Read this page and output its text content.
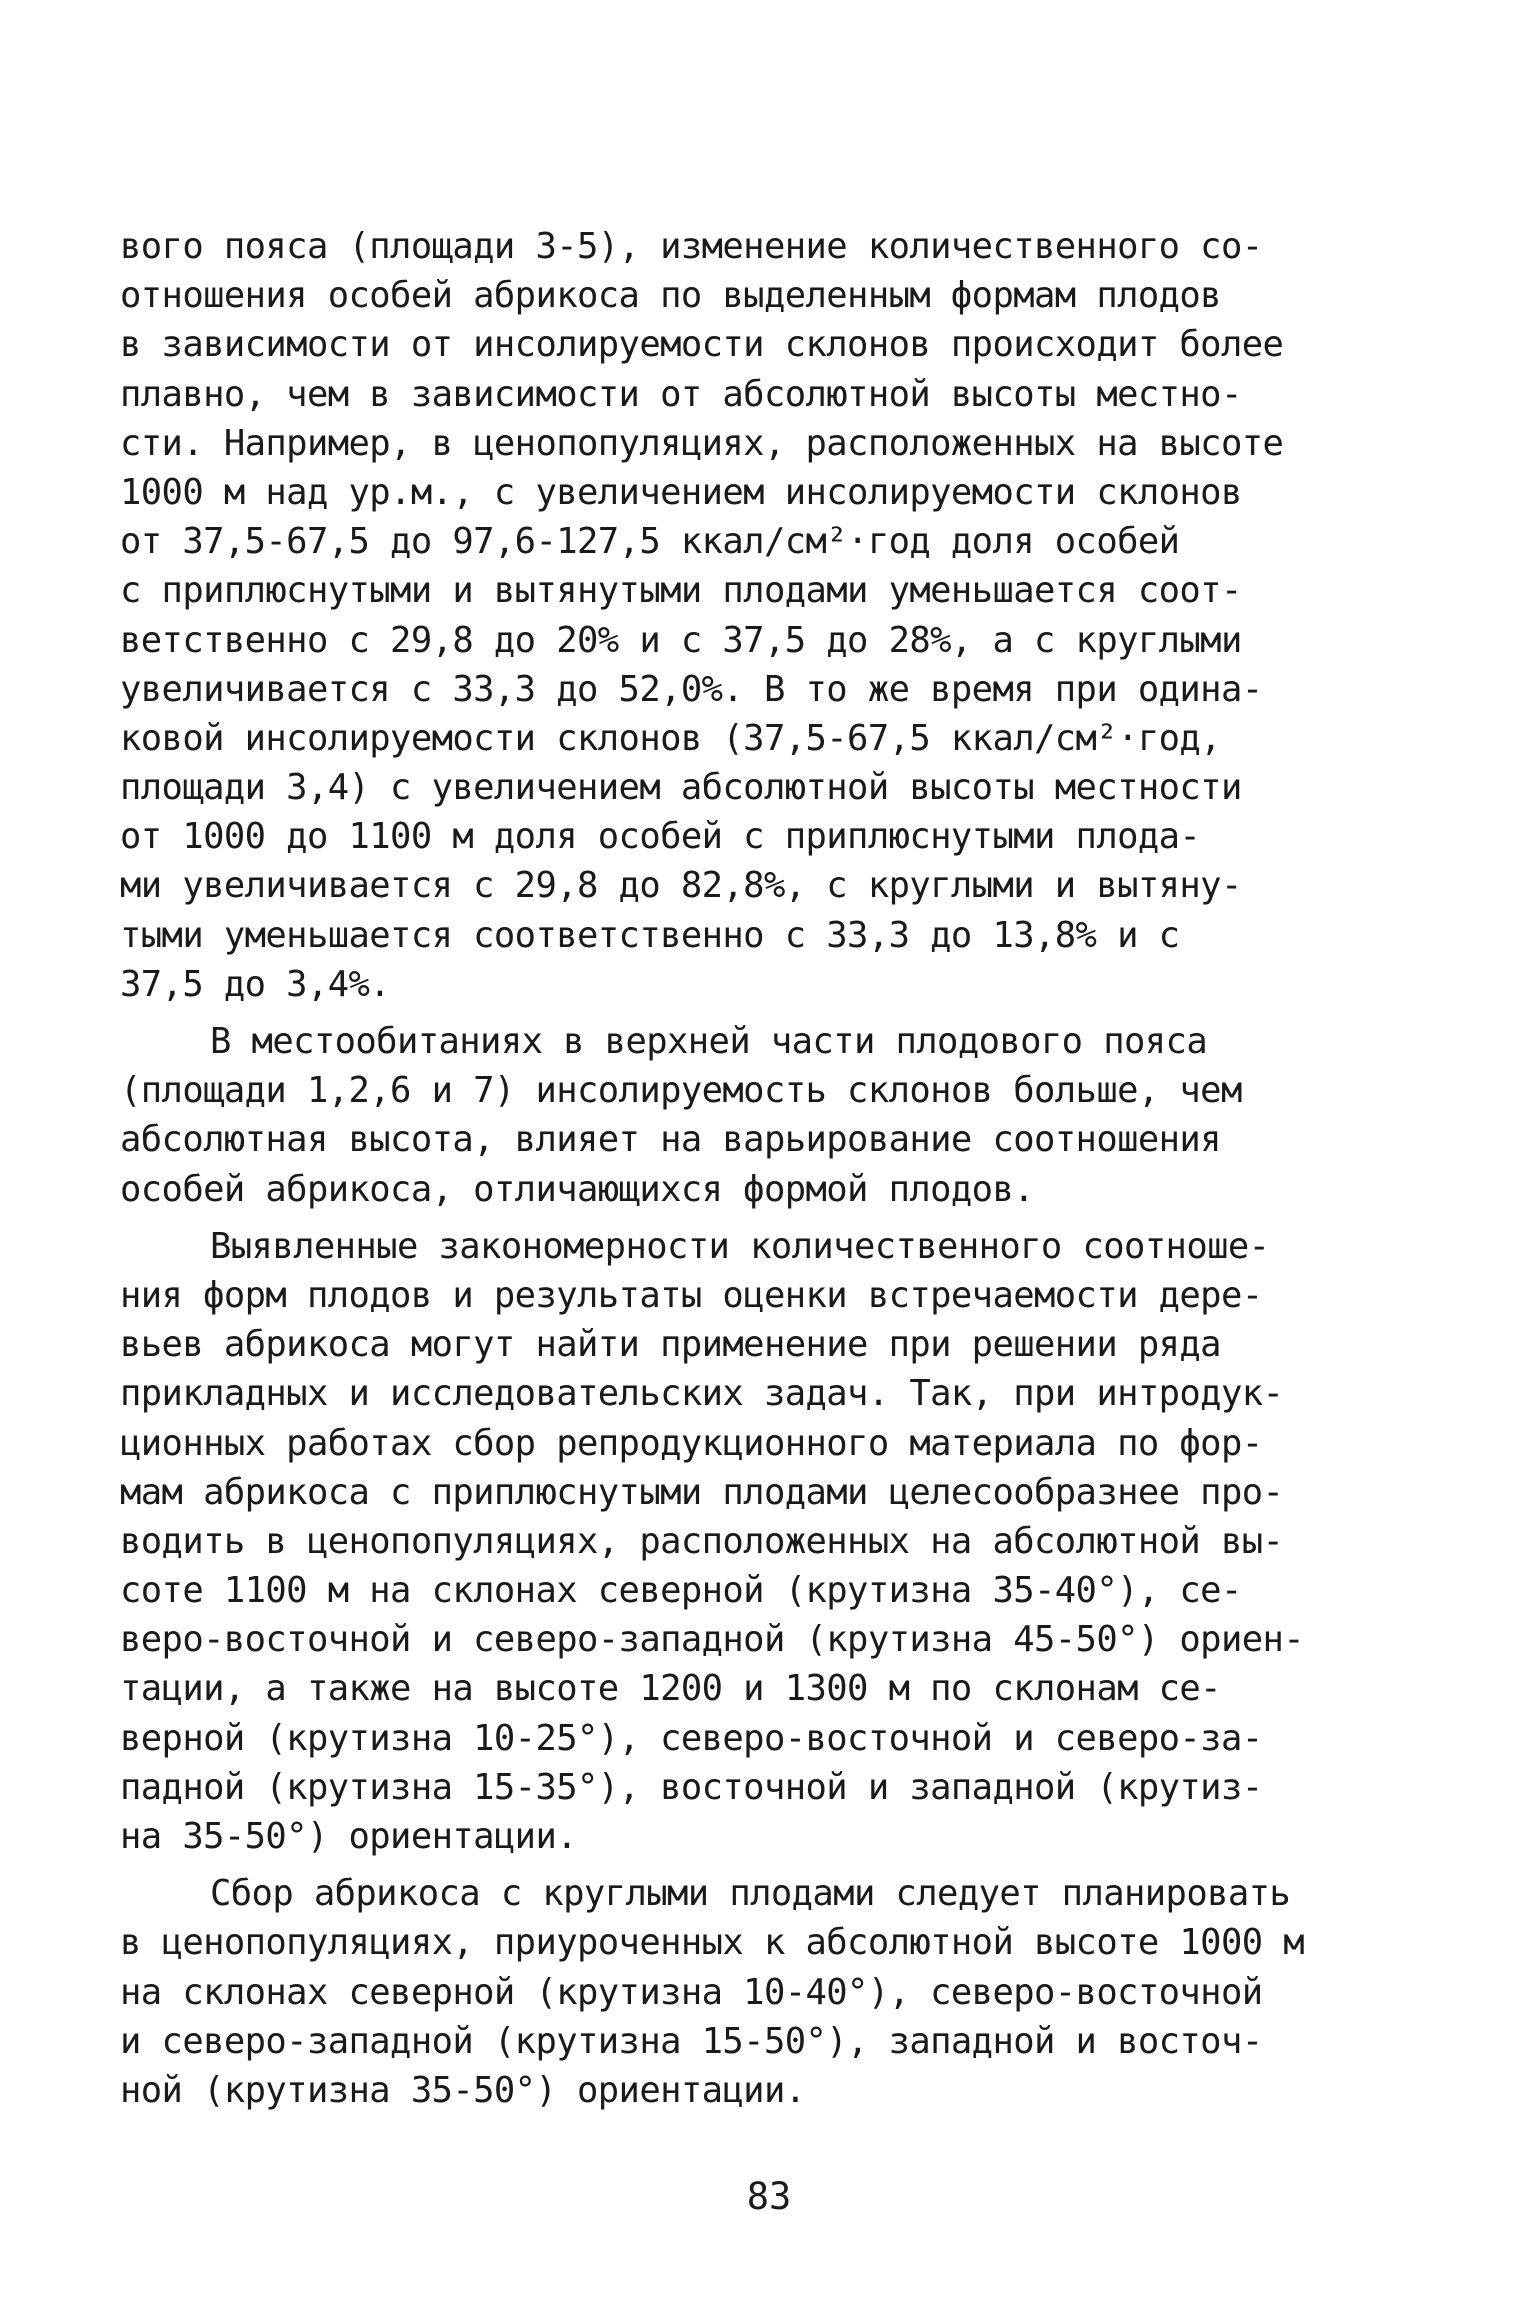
вого пояса (площади 3-5), изменение количественного со-
отношения особей абрикоса по выделенным формам плодов
в зависимости от инсолируемости склонов происходит более
плавно, чем в зависимости от абсолютной высоты местно-
сти. Например, в ценопопуляциях, расположенных на высоте
1000 м над ур.м., с увеличением инсолируемости склонов
от 37,5-67,5 до 97,6-127,5 ккал/см²·год доля особей
с приплюснутыми и вытянутыми плодами уменьшается соот-
ветственно с 29,8 до 20% и с 37,5 до 28%, а с круглыми
увеличивается с 33,3 до 52,0%. В то же время при одина-
ковой инсолируемости склонов (37,5-67,5 ккал/см²·год,
площади 3,4) с увеличением абсолютной высоты местности
от 1000 до 1100 м доля особей с приплюснутыми плода-
ми увеличивается с 29,8 до 82,8%, с круглыми и вытяну-
тыми уменьшается соответственно с 33,3 до 13,8% и с
37,5 до 3,4%.
В местообитаниях в верхней части плодового пояса
(площади 1,2,6 и 7) инсолируемость склонов больше, чем
абсолютная высота, влияет на варьирование соотношения
особей абрикоса, отличающихся формой плодов.
Выявленные закономерности количественного соотноше-
ния форм плодов и результаты оценки встречаемости дере-
вьев абрикоса могут найти применение при решении ряда
прикладных и исследовательских задач. Так, при интродук-
ционных работах сбор репродукционного материала по фор-
мам абрикоса с приплюснутыми плодами целесообразнее про-
водить в ценопопуляциях, расположенных на абсолютной вы-
соте 1100 м на склонах северной (крутизна 35-40°), се-
веро-восточной и северо-западной (крутизна 45-50°) ориен-
тации, а также на высоте 1200 и 1300 м по склонам се-
верной (крутизна 10-25°), северо-восточной и северо-за-
падной (крутизна 15-35°), восточной и западной (крутиз-
на 35-50°) ориентации.
Сбор абрикоса с круглыми плодами следует планировать
в ценопопуляциях, приуроченных к абсолютной высоте 1000 м
на склонах северной (крутизна 10-40°), северо-восточной
и северо-западной (крутизна 15-50°), западной и восточ-
ной (крутизна 35-50°) ориентации.
83
